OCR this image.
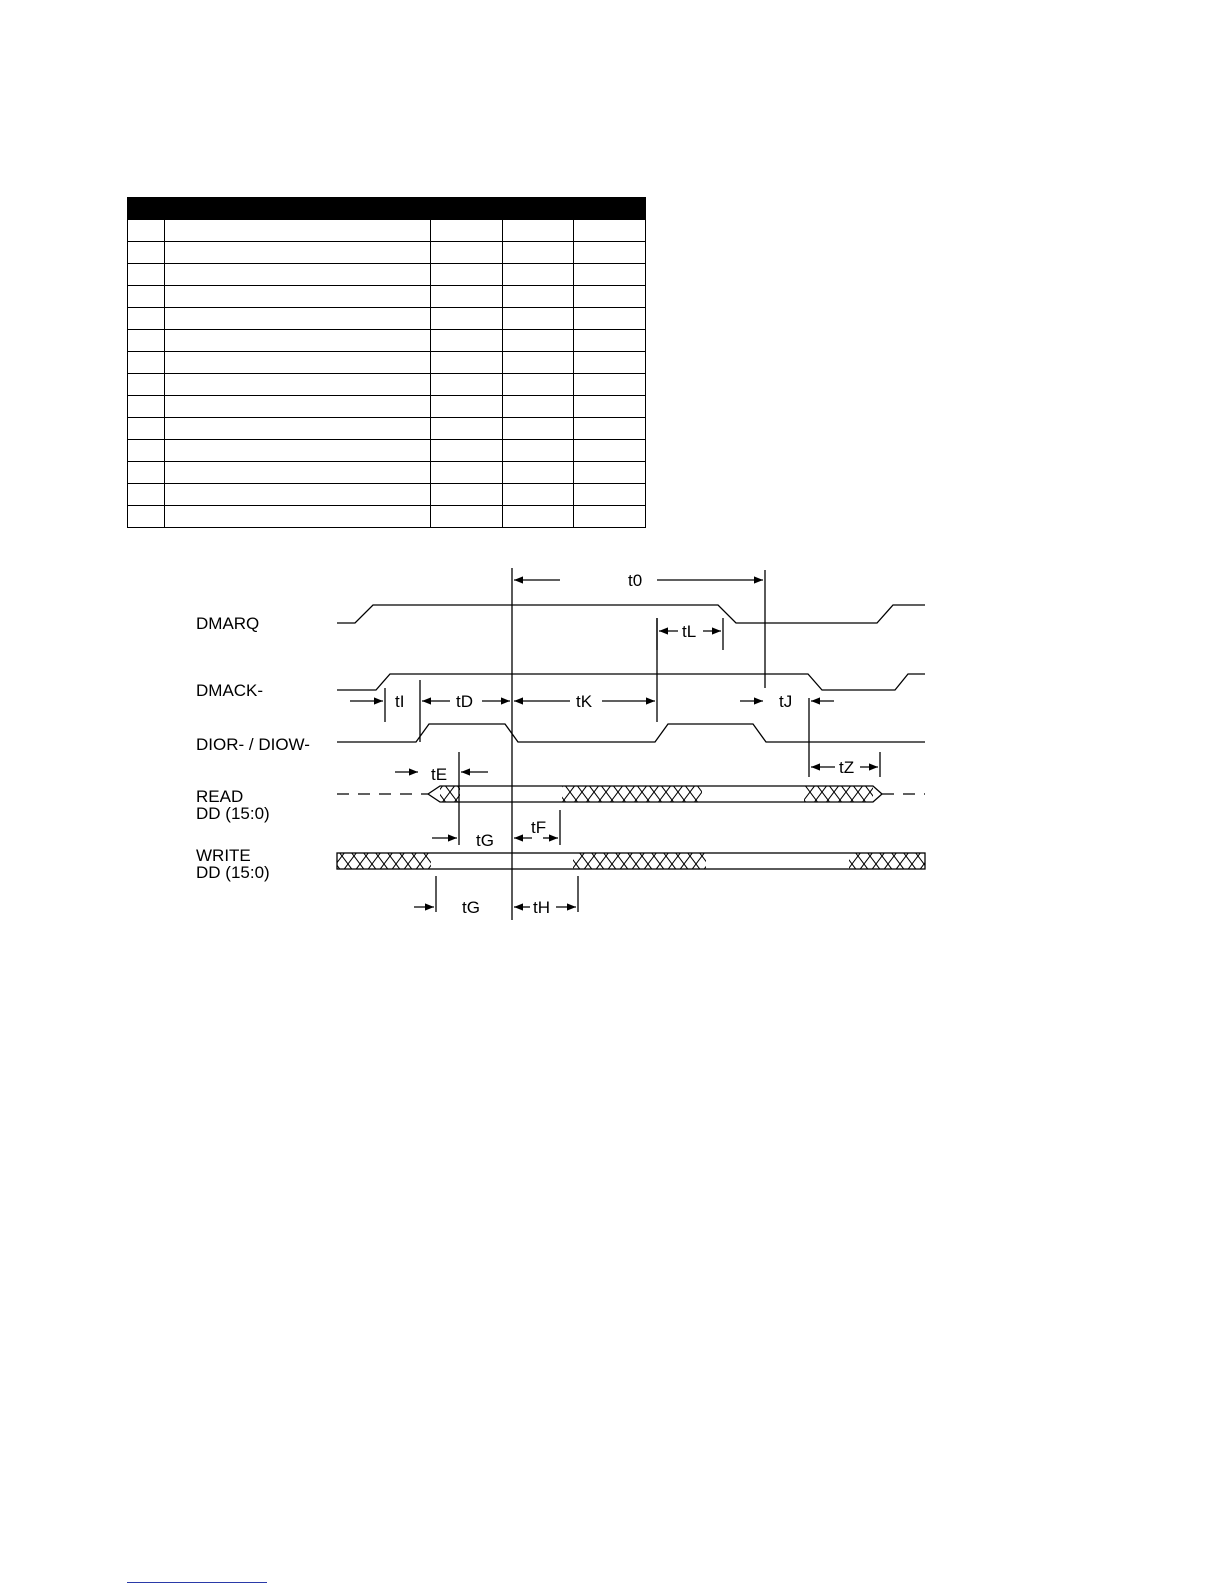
DMARQ
DMACK-
DIOR- / DIOW-
READ
DD (15:0)
WRITE
DD (15:0)
t0
tL
tI	tD	tK	tJ
tE	tZ
tG
tF
tG	tH
